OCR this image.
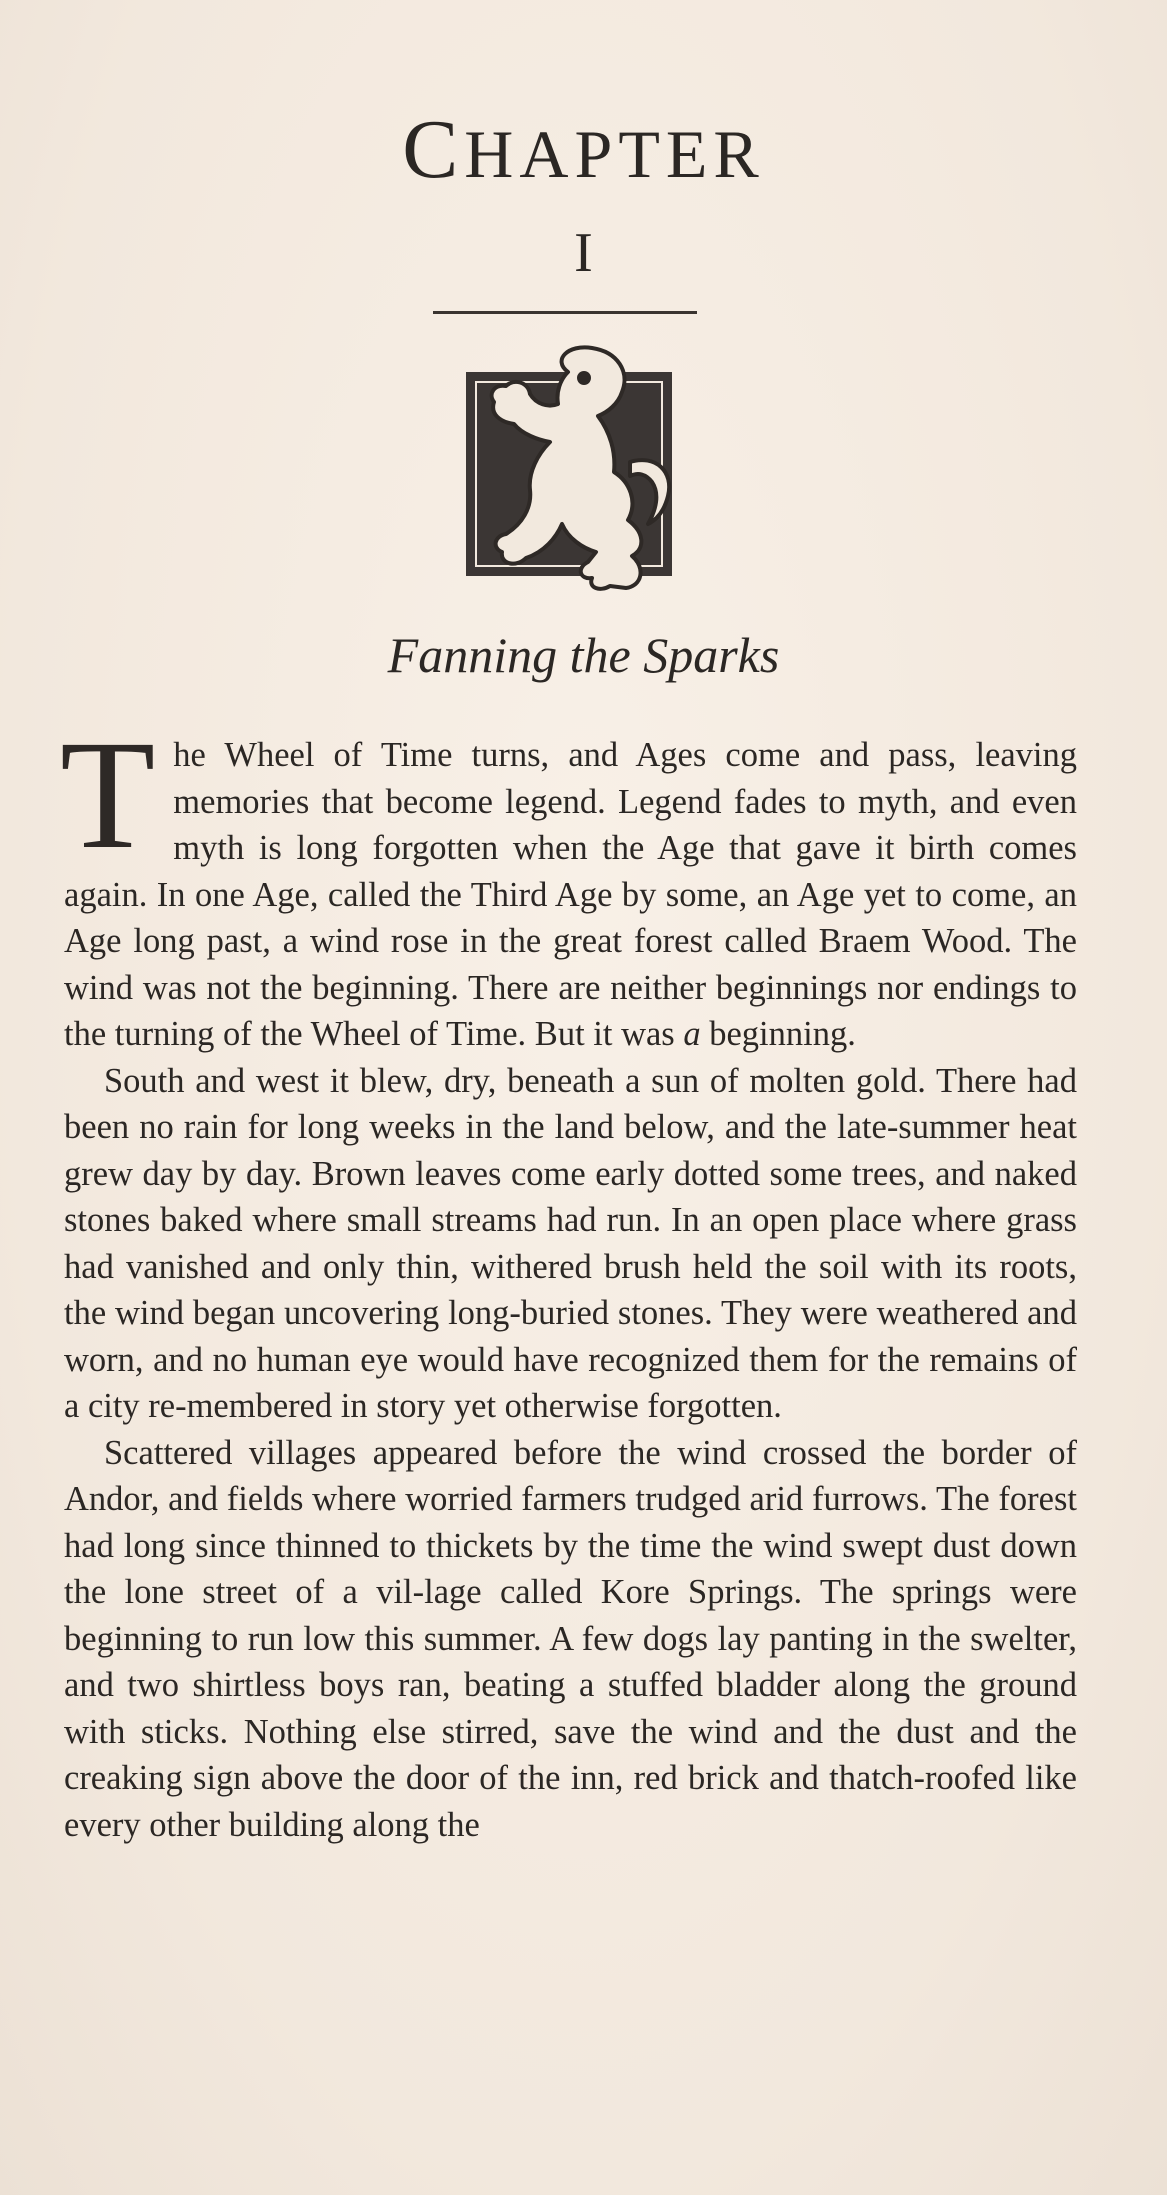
CHAPTER
I
Fanning the Sparks

The Wheel of Time turns, and Ages come and pass, leaving memories that become legend. Legend fades to myth, and even myth is long forgotten when the Age that gave it birth comes again. In one Age, called the Third Age by some, an Age yet to come, an Age long past, a wind rose in the great forest called Braem Wood. The wind was not the beginning. There are neither beginnings nor endings to the turning of the Wheel of Time. But it was a beginning.

South and west it blew, dry, beneath a sun of molten gold. There had been no rain for long weeks in the land below, and the late-summer heat grew day by day. Brown leaves come early dotted some trees, and naked stones baked where small streams had run. In an open place where grass had vanished and only thin, withered brush held the soil with its roots, the wind began uncovering long-buried stones. They were weathered and worn, and no human eye would have recognized them for the remains of a city re-membered in story yet otherwise forgotten.

Scattered villages appeared before the wind crossed the border of Andor, and fields where worried farmers trudged arid furrows. The forest had long since thinned to thickets by the time the wind swept dust down the lone street of a vil-lage called Kore Springs. The springs were beginning to run low this summer. A few dogs lay panting in the swelter, and two shirtless boys ran, beating a stuffed bladder along the ground with sticks. Nothing else stirred, save the wind and the dust and the creaking sign above the door of the inn, red brick and thatch-roofed like every other building along the
